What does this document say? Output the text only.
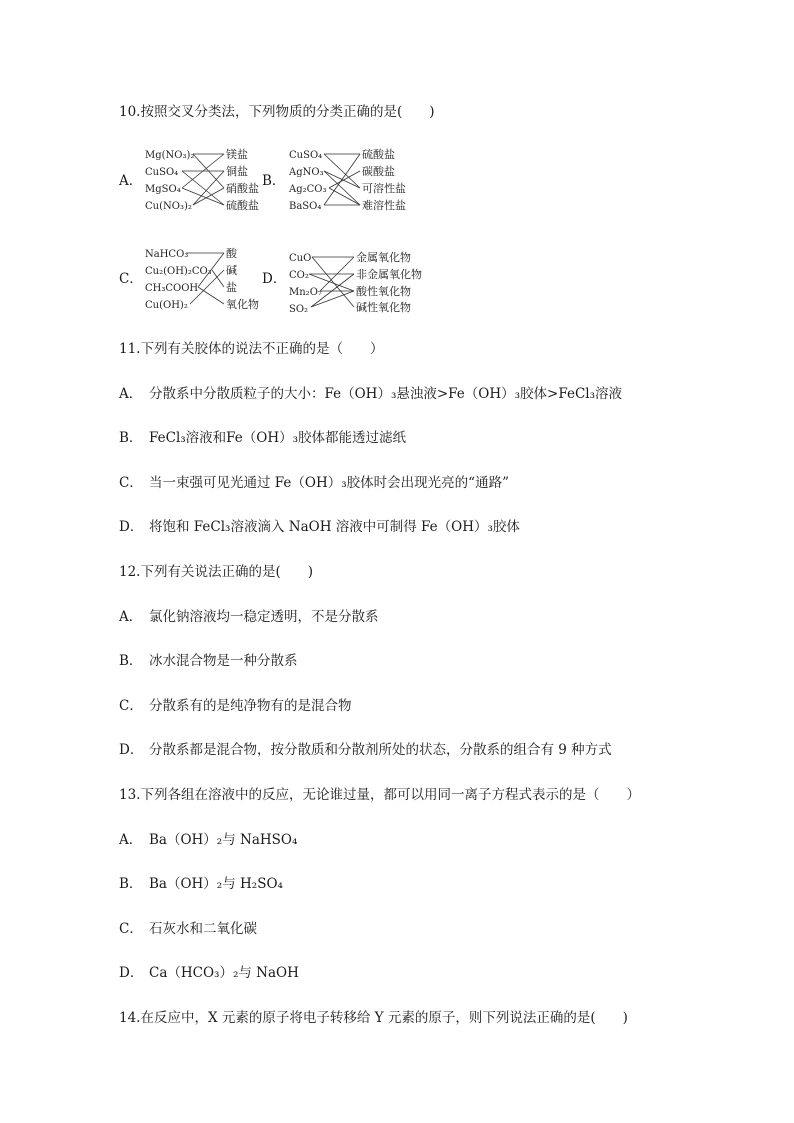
10.按照交叉分类法，下列物质的分类正确的是(　　)
A．
Mg(NO₃)₂
CuSO₄
MgSO₄
Cu(NO₃)₂
镁盐
铜盐
硝酸盐
硫酸盐
B．
CuSO₄
AgNO₃
Ag₂CO₃
BaSO₄
硫酸盐
碳酸盐
可溶性盐
难溶性盐
C．
NaHCO₃
Cu₂(OH)₂CO₃
CH₃COOH
Cu(OH)₂
酸
碱
盐
氧化物
D．
CuO
CO₂
Mn₂O₇
SO₂
金属氧化物
非金属氧化物
酸性氧化物
碱性氧化物
11.下列有关胶体的说法不正确的是（　　）
A． 分散系中分散质粒子的大小：Fe（OH）₃悬浊液>Fe（OH）₃胶体>FeCl₃溶液
B． FeCl₃溶液和Fe（OH）₃胶体都能透过滤纸
C． 当一束强可见光通过 Fe（OH）₃胶体时会出现光亮的“通路”
D． 将饱和 FeCl₃溶液滴入 NaOH 溶液中可制得 Fe（OH）₃胶体
12.下列有关说法正确的是(　　)
A． 氯化钠溶液均一稳定透明，不是分散系
B． 冰水混合物是一种分散系
C． 分散系有的是纯净物有的是混合物
D． 分散系都是混合物，按分散质和分散剂所处的状态，分散系的组合有 9 种方式
13.下列各组在溶液中的反应，无论谁过量，都可以用同一离子方程式表示的是（　　）
A． Ba（OH）₂与 NaHSO₄
B． Ba（OH）₂与 H₂SO₄
C． 石灰水和二氧化碳
D． Ca（HCO₃）₂与 NaOH
14.在反应中，X 元素的原子将电子转移给 Y 元素的原子，则下列说法正确的是(　　)
